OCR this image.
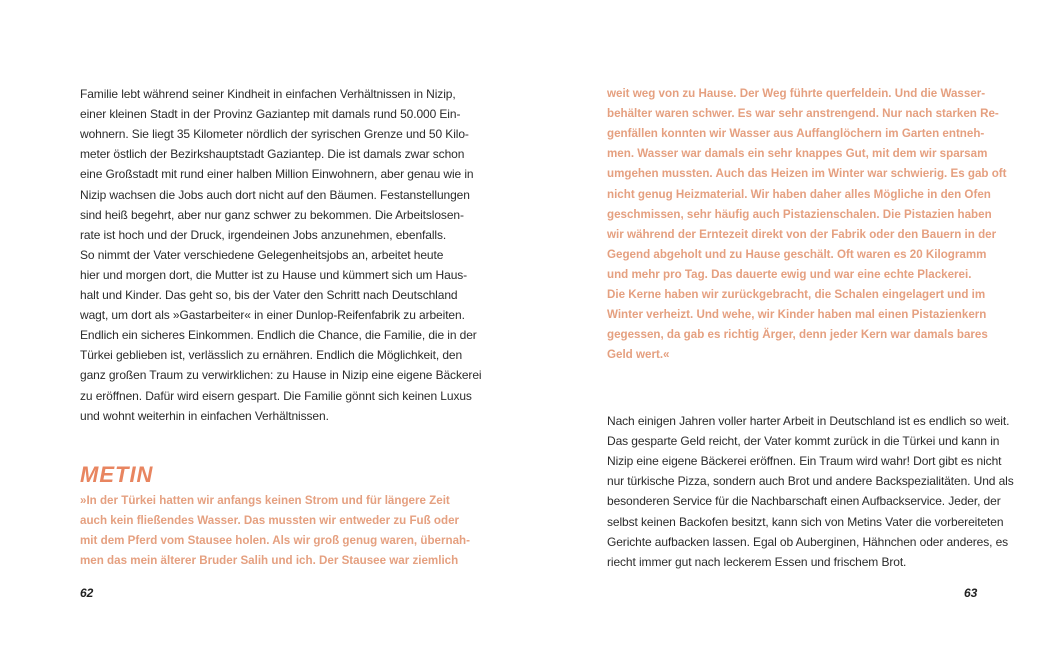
Familie lebt während seiner Kindheit in einfachen Verhältnissen in Nizip,
einer kleinen Stadt in der Provinz Gaziantep mit damals rund 50.000 Ein-
wohnern. Sie liegt 35 Kilometer nördlich der syrischen Grenze und 50 Kilo-
meter östlich der Bezirkshauptstadt Gaziantep. Die ist damals zwar schon
eine Großstadt mit rund einer halben Million Einwohnern, aber genau wie in
Nizip wachsen die Jobs auch dort nicht auf den Bäumen. Festanstellungen
sind heiß begehrt, aber nur ganz schwer zu bekommen. Die Arbeitslosen-
rate ist hoch und der Druck, irgendeinen Jobs anzunehmen, ebenfalls.
So nimmt der Vater verschiedene Gelegenheitsjobs an, arbeitet heute
hier und morgen dort, die Mutter ist zu Hause und kümmert sich um Haus-
halt und Kinder. Das geht so, bis der Vater den Schritt nach Deutschland
wagt, um dort als »Gastarbeiter« in einer Dunlop-Reifenfabrik zu arbeiten.
Endlich ein sicheres Einkommen. Endlich die Chance, die Familie, die in der
Türkei geblieben ist, verlässlich zu ernähren. Endlich die Möglichkeit, den
ganz großen Traum zu verwirklichen: zu Hause in Nizip eine eigene Bäckerei
zu eröffnen. Dafür wird eisern gespart. Die Familie gönnt sich keinen Luxus
und wohnt weiterhin in einfachen Verhältnissen.
METIN
»In der Türkei hatten wir anfangs keinen Strom und für längere Zeit
auch kein fließendes Wasser. Das mussten wir entweder zu Fuß oder
mit dem Pferd vom Stausee holen. Als wir groß genug waren, übernah-
men das mein älterer Bruder Salih und ich. Der Stausee war ziemlich
62
weit weg von zu Hause. Der Weg führte querfeldein. Und die Wasser-
behälter waren schwer. Es war sehr anstrengend. Nur nach starken Re-
genfällen konnten wir Wasser aus Auffanglöchern im Garten entneh-
men. Wasser war damals ein sehr knappes Gut, mit dem wir sparsam
umgehen mussten. Auch das Heizen im Winter war schwierig. Es gab oft
nicht genug Heizmaterial. Wir haben daher alles Mögliche in den Ofen
geschmissen, sehr häufig auch Pistazienschalen. Die Pistazien haben
wir während der Erntezeit direkt von der Fabrik oder den Bauern in der
Gegend abgeholt und zu Hause geschält. Oft waren es 20 Kilogramm
und mehr pro Tag. Das dauerte ewig und war eine echte Plackerei.
Die Kerne haben wir zurückgebracht, die Schalen eingelagert und im
Winter verheizt. Und wehe, wir Kinder haben mal einen Pistazienkern
gegessen, da gab es richtig Ärger, denn jeder Kern war damals bares
Geld wert.«
Nach einigen Jahren voller harter Arbeit in Deutschland ist es endlich so weit.
Das gesparte Geld reicht, der Vater kommt zurück in die Türkei und kann in
Nizip eine eigene Bäckerei eröffnen. Ein Traum wird wahr! Dort gibt es nicht
nur türkische Pizza, sondern auch Brot und andere Backspezialitäten. Und als
besonderen Service für die Nachbarschaft einen Aufbackservice. Jeder, der
selbst keinen Backofen besitzt, kann sich von Metins Vater die vorbereiteten
Gerichte aufbacken lassen. Egal ob Auberginen, Hähnchen oder anderes, es
riecht immer gut nach leckerem Essen und frischem Brot.
63
